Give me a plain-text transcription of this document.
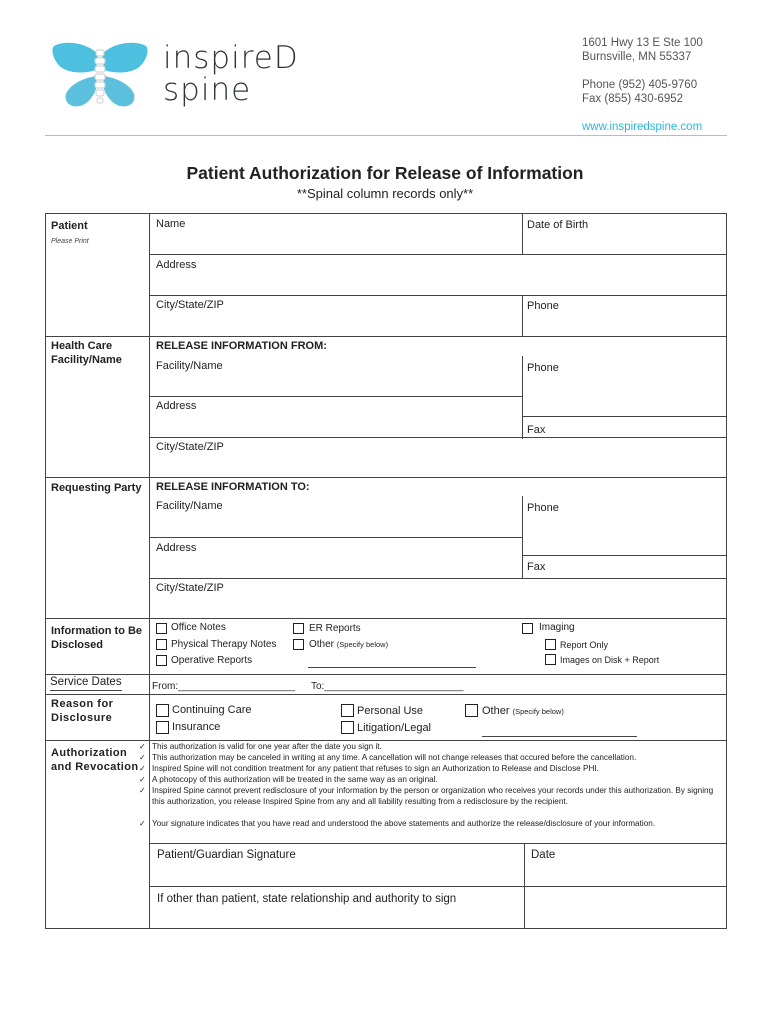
inspireD
spine
1601 Hwy 13 E Ste 100
Burnsville, MN 55337
Phone (952) 405-9760
Fax (855) 430-6952
www.inspiredspine.com
Patient Authorization for Release of Information
**Spinal column records only**
Patient
Please Print
Name	Date of Birth
Address
City/State/ZIP	Phone
Health Care Facility/Name
RELEASE INFORMATION FROM:
Facility/Name	Phone
Address
Fax
City/State/ZIP
Requesting Party	RELEASE INFORMATION TO:
Facility/Name	Phone
Address
Fax
City/State/ZIP
Information to Be Disclosed
Office Notes
Physical Therapy Notes
Operative Reports
ER Reports
Other (Specify below)
Imaging
Report Only
Images on Disk + Report
Service Dates	From:_____________________ To:_________________________
Reason for Disclosure
Continuing Care
Insurance
Personal Use
Litigation/Legal
Other (Specify below)
Authorization and Revocation
✓ This authorization is valid for one year after the date you sign it.
✓ This authorization may be canceled in writing at any time. A cancellation will not change releases that occured before the cancellation.
✓ Inspired Spine will not condition treatment for any patient that refuses to sign an Authorization to Release and Disclose PHI.
✓ A photocopy of this authorization will be treated in the same way as an original.
✓ Inspired Spine cannot prevent redisclosure of your information by the person or organization who receives your records under this authorization. By signing this authorization, you release Inspired Spine from any and all liability resulting from a redisclosure by the recipient.
✓ Your signature indicates that you have read and understood the above statements and authorize the release/disclosure of your information.
Patient/Guardian Signature	Date
If other than patient, state relationship and authority to sign
